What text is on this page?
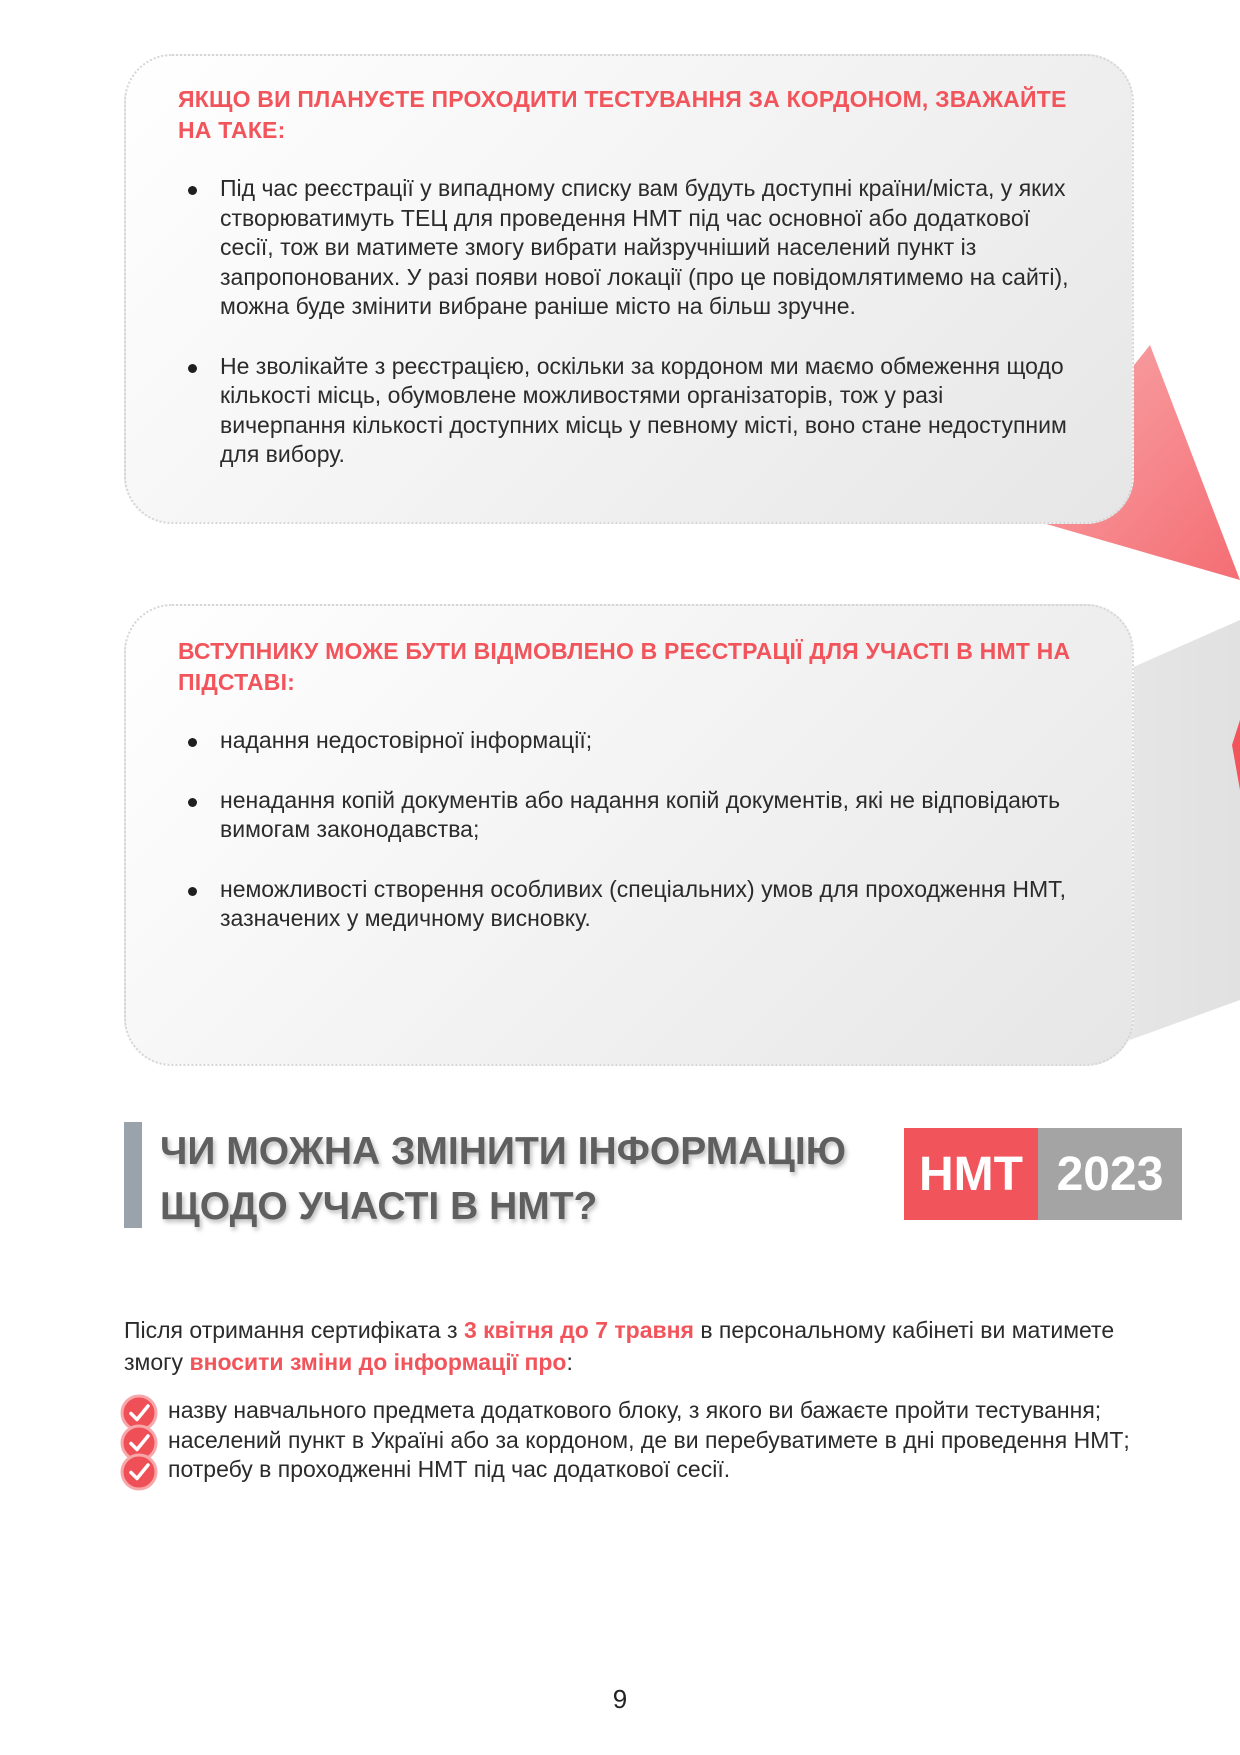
ЯКЩО ВИ ПЛАНУЄТЕ ПРОХОДИТИ ТЕСТУВАННЯ ЗА КОРДОНОМ, ЗВАЖАЙТЕ НА ТАКЕ:
Під час реєстрації у випадному списку вам будуть доступні країни/міста, у яких створюватимуть ТЕЦ для проведення НМТ під час основної або додаткової сесії, тож ви матимете змогу вибрати найзручніший населений пункт із запропонованих. У разі появи нової локації (про це повідомлятимемо на сайті), можна буде змінити вибране раніше місто на більш зручне.
Не зволікайте з реєстрацією, оскільки за кордоном ми маємо обмеження щодо кількості місць, обумовлене можливостями організаторів, тож у разі вичерпання кількості доступних місць у певному місті, воно стане недоступним для вибору.
ВСТУПНИКУ МОЖЕ БУТИ ВІДМОВЛЕНО В РЕЄСТРАЦІЇ ДЛЯ УЧАСТІ В НМТ НА ПІДСТАВІ:
надання недостовірної інформації;
ненадання копій документів або надання копій документів, які не відповідають вимогам законодавства;
неможливості створення особливих (спеціальних) умов для проходження НМТ, зазначених у медичному висновку.
ЧИ МОЖНА ЗМІНИТИ ІНФОРМАЦІЮ ЩОДО УЧАСТІ В НМТ?
НМТ 2023
Після отримання сертифіката з 3 квітня до 7 травня в персональному кабінеті ви матимете змогу вносити зміни до інформації про:
назву навчального предмета додаткового блоку, з якого ви бажаєте пройти тестування;
населений пункт в Україні або за кордоном, де ви перебуватимете в дні проведення НМТ;
потребу в проходженні НМТ під час додаткової сесії.
9
